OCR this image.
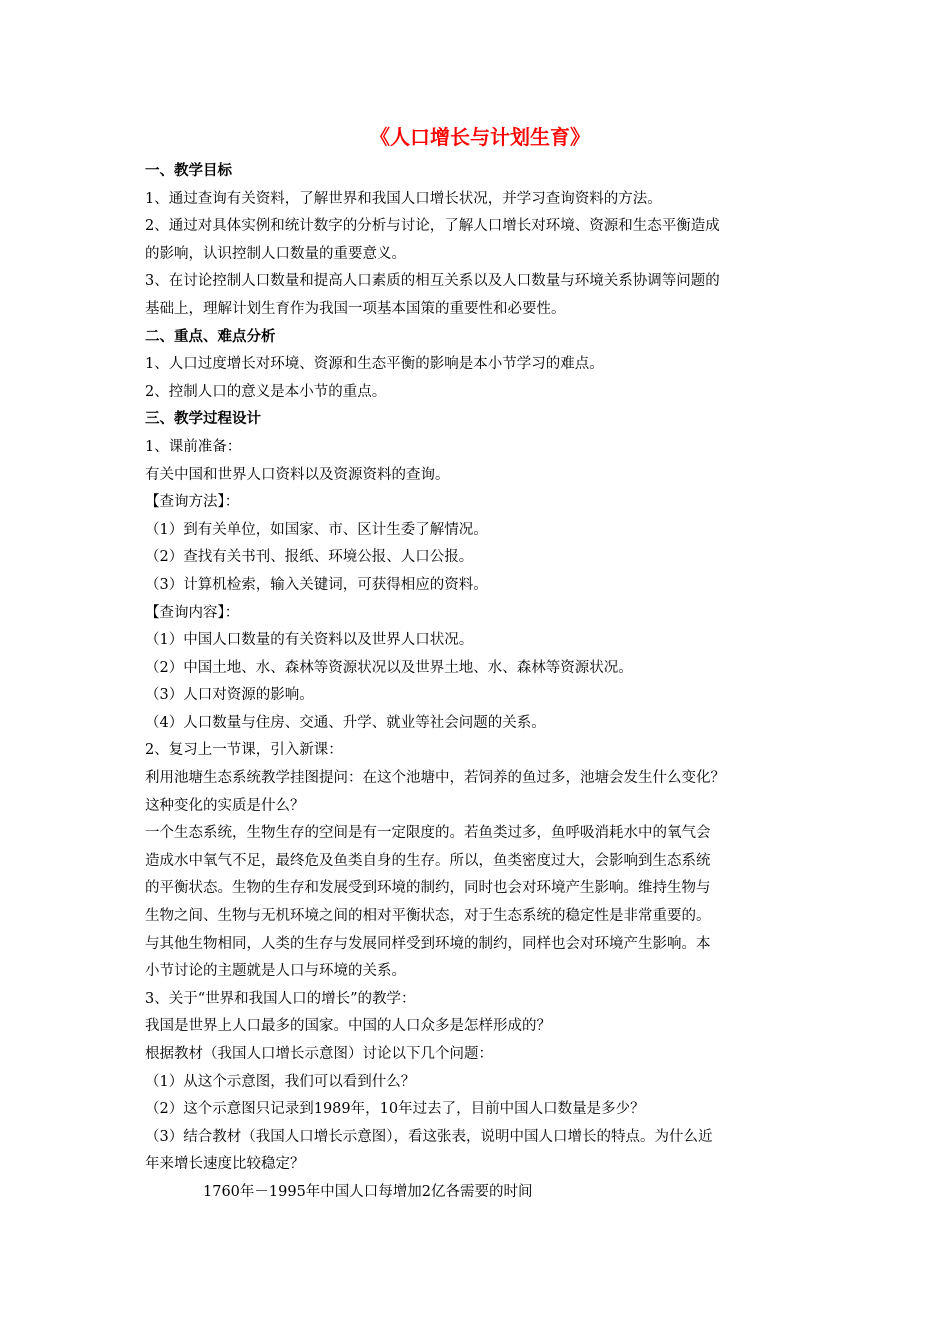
《人口增长与计划生育》
一、教学目标
1、通过查询有关资料，了解世界和我国人口增长状况，并学习查询资料的方法。
2、通过对具体实例和统计数字的分析与讨论，了解人口增长对环境、资源和生态平衡造成
的影响，认识控制人口数量的重要意义。
3、在讨论控制人口数量和提高人口素质的相互关系以及人口数量与环境关系协调等问题的
基础上，理解计划生育作为我国一项基本国策的重要性和必要性。
二、重点、难点分析
1、人口过度增长对环境、资源和生态平衡的影响是本小节学习的难点。
2、控制人口的意义是本小节的重点。
三、教学过程设计
1、课前准备：
有关中国和世界人口资料以及资源资料的查询。
【查询方法】：
（1）到有关单位，如国家、市、区计生委了解情况。
（2）查找有关书刊、报纸、环境公报、人口公报。
（3）计算机检索，输入关键词，可获得相应的资料。
【查询内容】：
（1）中国人口数量的有关资料以及世界人口状况。
（2）中国土地、水、森林等资源状况以及世界土地、水、森林等资源状况。
（3）人口对资源的影响。
（4）人口数量与住房、交通、升学、就业等社会问题的关系。
2、复习上一节课，引入新课：
利用池塘生态系统教学挂图提问：在这个池塘中，若饲养的鱼过多，池塘会发生什么变化？
这种变化的实质是什么？
一个生态系统，生物生存的空间是有一定限度的。若鱼类过多，鱼呼吸消耗水中的氧气会
造成水中氧气不足，最终危及鱼类自身的生存。所以，鱼类密度过大，会影响到生态系统
的平衡状态。生物的生存和发展受到环境的制约，同时也会对环境产生影响。维持生物与
生物之间、生物与无机环境之间的相对平衡状态，对于生态系统的稳定性是非常重要的。
与其他生物相同，人类的生存与发展同样受到环境的制约，同样也会对环境产生影响。本
小节讨论的主题就是人口与环境的关系。
3、关于“世界和我国人口的增长”的教学：
我国是世界上人口最多的国家。中国的人口众多是怎样形成的？
根据教材（我国人口增长示意图）讨论以下几个问题：
（1）从这个示意图，我们可以看到什么？
（2）这个示意图只记录到1989年，10年过去了，目前中国人口数量是多少？
（3）结合教材（我国人口增长示意图），看这张表，说明中国人口增长的特点。为什么近
年来增长速度比较稳定？
1760年－1995年中国人口每增加2亿各需要的时间
